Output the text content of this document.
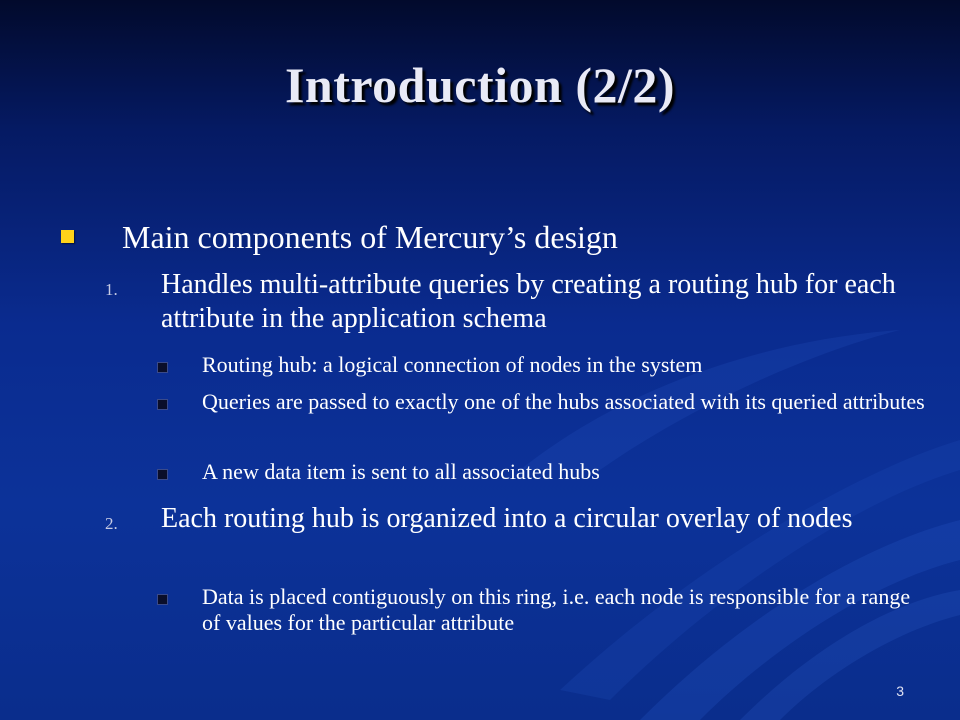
Introduction (2/2)
Main components of Mercury’s design
1. Handles multi-attribute queries by creating a routing hub for each attribute in the application schema
Routing hub: a logical connection of nodes in the system
Queries are passed to exactly one of the hubs associated with its queried attributes
A new data item is sent to all associated hubs
2. Each routing hub is organized into a circular overlay of nodes
Data is placed contiguously on this ring, i.e. each node is responsible for a range of values for the particular attribute
3
